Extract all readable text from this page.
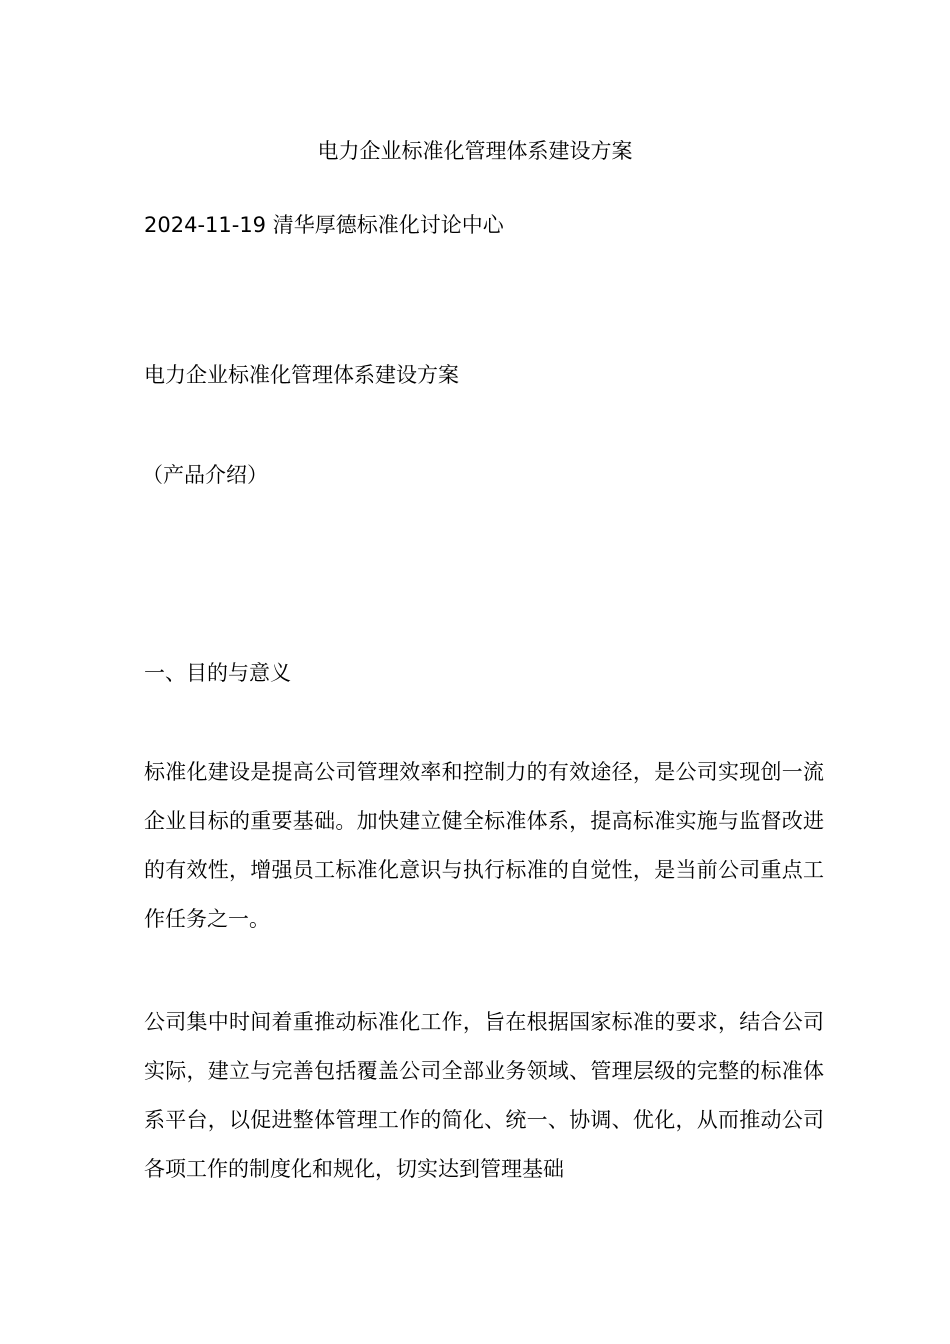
电力企业标准化管理体系建设方案
2024-11-19 清华厚德标准化讨论中心
电力企业标准化管理体系建设方案
（产品介绍）
一、目的与意义
标准化建设是提高公司管理效率和控制力的有效途径，是公司实现创一流企业目标的重要基础。加快建立健全标准体系，提高标准实施与监督改进的有效性，增强员工标准化意识与执行标准的自觉性，是当前公司重点工作任务之一。
公司集中时间着重推动标准化工作，旨在根据国家标准的要求，结合公司实际，建立与完善包括覆盖公司全部业务领域、管理层级的完整的标准体系平台，以促进整体管理工作的简化、统一、协调、优化，从而推动公司各项工作的制度化和规化，切实达到管理基础
